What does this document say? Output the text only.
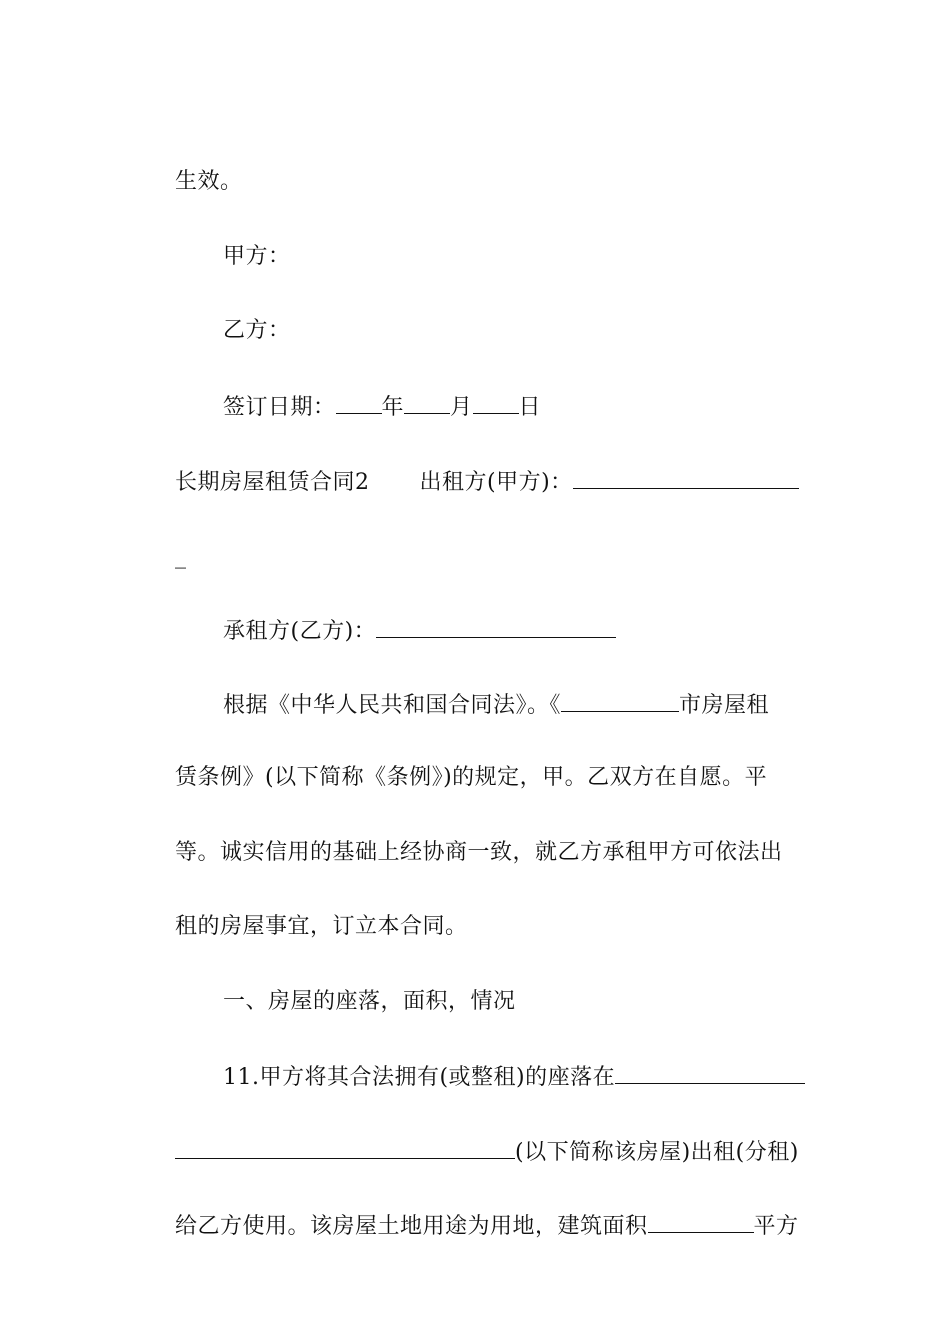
生效。

甲方：

乙方：

签订日期： 年 月 日

长期房屋租赁合同2 出租方(甲方)：

_

承租方(乙方)：

根据《中华人民共和国合同法》。《	市房屋租

赁条例》(以下简称《条例》)的规定，甲。乙双方在自愿。平

等。诚实信用的基础上经协商一致，就乙方承租甲方可依法出

租的房屋事宜，订立本合同。

一、房屋的座落，面积，情况

11.甲方将其合法拥有(或整租)的座落在

(以下简称该房屋)出租(分租)

给乙方使用。该房屋土地用途为用地，建筑面积	平方
